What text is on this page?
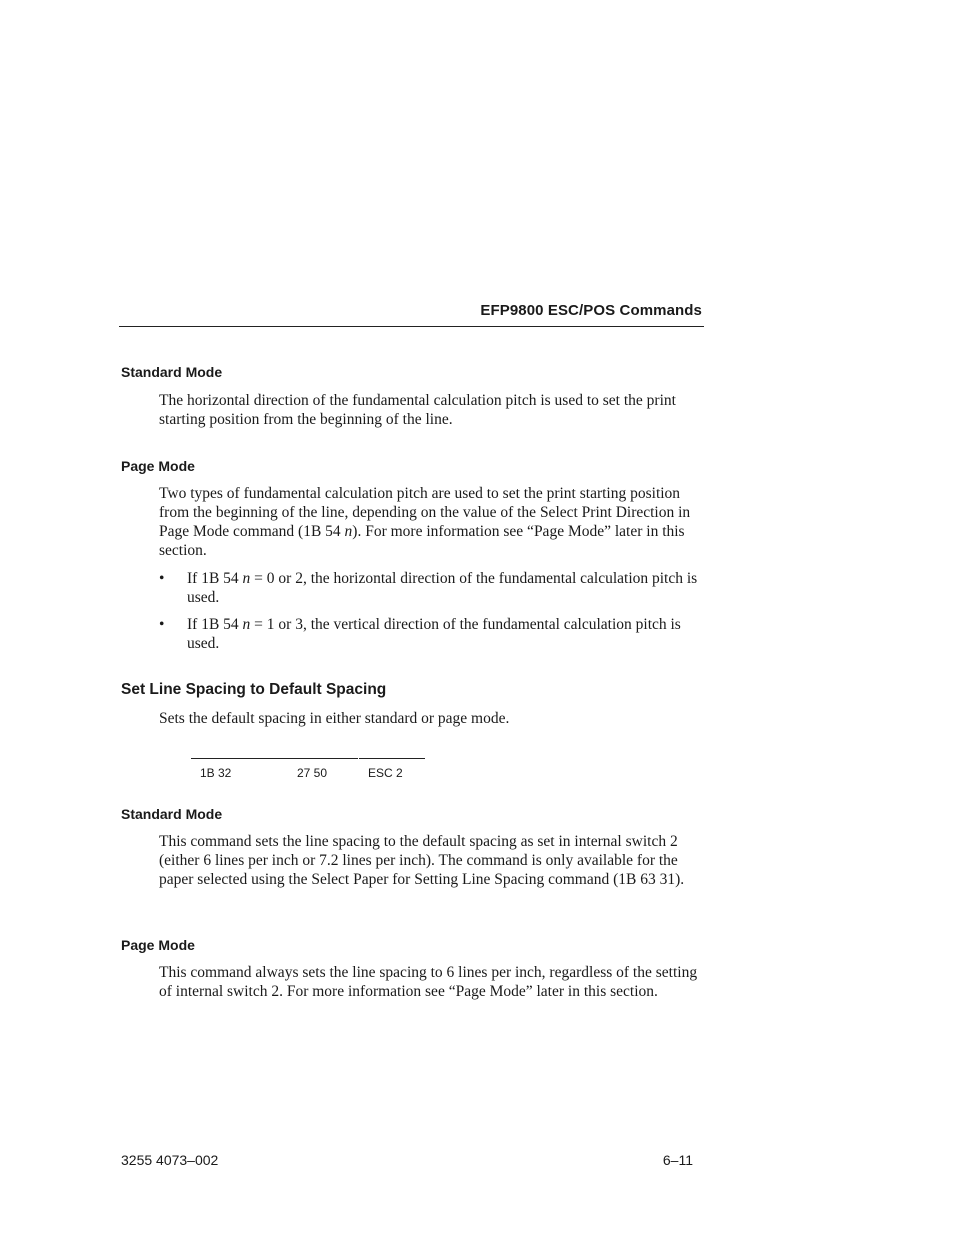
EFP9800 ESC/POS Commands
Standard Mode
The horizontal direction of the fundamental calculation pitch is used to set the print starting position from the beginning of the line.
Page Mode
Two types of fundamental calculation pitch are used to set the print starting position from the beginning of the line, depending on the value of the Select Print Direction in Page Mode command (1B 54 n). For more information see “Page Mode” later in this section.
• If 1B 54 n = 0 or 2, the horizontal direction of the fundamental calculation pitch is used.
• If 1B 54 n = 1 or 3, the vertical direction of the fundamental calculation pitch is used.
Set Line Spacing to Default Spacing
Sets the default spacing in either standard or page mode.
1B 32	27 50	ESC 2
Standard Mode
This command sets the line spacing to the default spacing as set in internal switch 2 (either 6 lines per inch or 7.2 lines per inch). The command is only available for the paper selected using the Select Paper for Setting Line Spacing command (1B 63 31).
Page Mode
This command always sets the line spacing to 6 lines per inch, regardless of the setting of internal switch 2. For more information see “Page Mode” later in this section.
3255 4073–002	6–11
